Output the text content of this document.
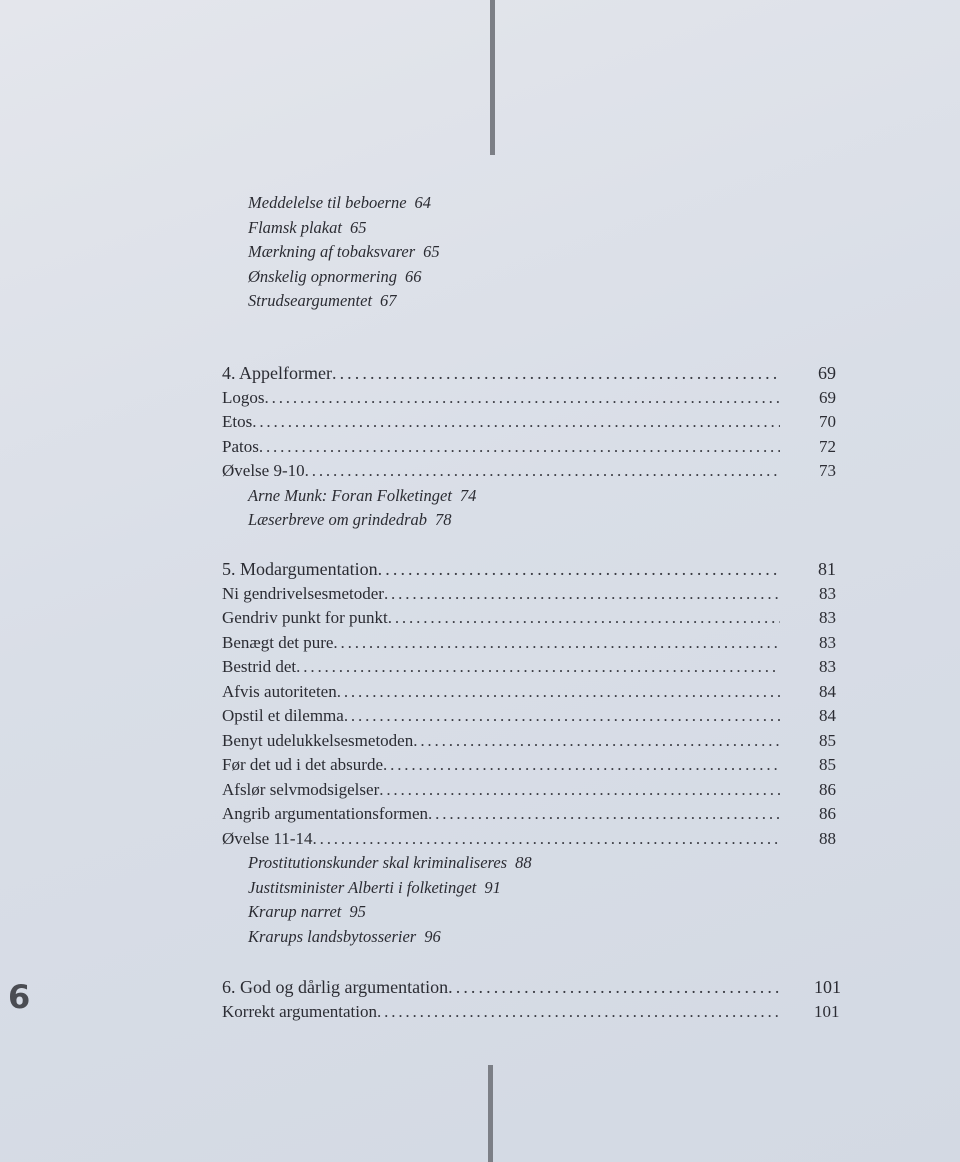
Meddelelse til beboerne 64
Flamsk plakat 65
Mærkning af tobaksvarer 65
Ønskelig opnormering 66
Strudseargumentet 67
4. Appelformer . . .	69
Logos . . .	69
Etos . . .	70
Patos . . .	72
Øvelse 9-10 . . .	73
Arne Munk: Foran Folketinget 74
Læserbreve om grindedrab 78
5. Modargumentation . . .	81
Ni gendrivelsesmetoder . . .	83
Gendriv punkt for punkt . . .	83
Benægt det pure . . .	83
Bestrid det . . .	83
Afvis autoriteten . . .	84
Opstil et dilemma . . .	84
Benyt udelukkelsesmetoden . . .	85
Før det ud i det absurde . . .	85
Afslør selvmodsigelser . . .	86
Angrib argumentationsformen . . .	86
Øvelse 11-14 . . .	88
Prostitutionskunder skal kriminaliseres 88
Justitsminister Alberti i folketinget 91
Krarup narret 95
Krarups landsbytosserier 96
6. God og dårlig argumentation . . .	101
Korrekt argumentation . . .	101
6
